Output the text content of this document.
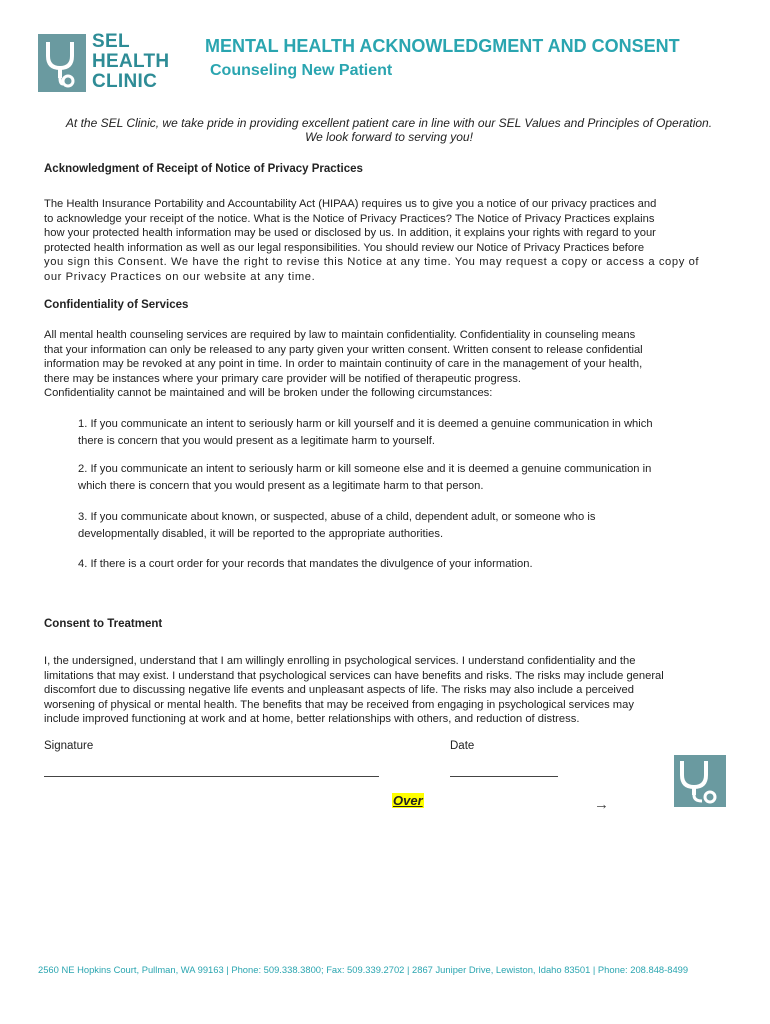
SEL
HEALTH
CLINIC
MENTAL HEALTH ACKNOWLEDGMENT AND CONSENT
Counseling New Patient
At the SEL Clinic, we take pride in providing excellent patient care in line with our SEL Values and Principles of Operation.
We look forward to serving you!
Acknowledgment of Receipt of Notice of Privacy Practices
The Health Insurance Portability and Accountability Act (HIPAA) requires us to give you a notice of our privacy practices and
to acknowledge your receipt of the notice. What is the Notice of Privacy Practices? The Notice of Privacy Practices explains
how your protected health information may be used or disclosed by us. In addition, it explains your rights with regard to your
protected health information as well as our legal responsibilities. You should review our Notice of Privacy Practices before
you sign this Consent. We have the right to revise this Notice at any time. You may request a copy or access a copy of
our Privacy Practices on our website at any time.
Confidentiality of Services
All mental health counseling services are required by law to maintain confidentiality. Confidentiality in counseling means
that your information can only be released to any party given your written consent. Written consent to release confidential
information may be revoked at any point in time. In order to maintain continuity of care in the management of your health,
there may be instances where your primary care provider will be notified of therapeutic progress.
Confidentiality cannot be maintained and will be broken under the following circumstances:
1. If you communicate an intent to seriously harm or kill yourself and it is deemed a genuine communication in which
there is concern that you would present as a legitimate harm to yourself.
2. If you communicate an intent to seriously harm or kill someone else and it is deemed a genuine communication in
which there is concern that you would present as a legitimate harm to that person.
3. If you communicate about known, or suspected, abuse of a child, dependent adult, or someone who is
developmentally disabled, it will be reported to the appropriate authorities.
4. If there is a court order for your records that mandates the divulgence of your information.
Consent to Treatment
I, the undersigned, understand that I am willingly enrolling in psychological services. I understand confidentiality and the
limitations that may exist. I understand that psychological services can have benefits and risks. The risks may include general
discomfort due to discussing negative life events and unpleasant aspects of life. The risks may also include a perceived
worsening of physical or mental health. The benefits that may be received from engaging in psychological services may
include improved functioning at work and at home, better relationships with others, and reduction of distress.
Signature	Date
Over	→
2560 NE Hopkins Court, Pullman, WA 99163 | Phone: 509.338.3800; Fax: 509.339.2702 | 2867 Juniper Drive, Lewiston, Idaho 83501 | Phone: 208.848-8499
